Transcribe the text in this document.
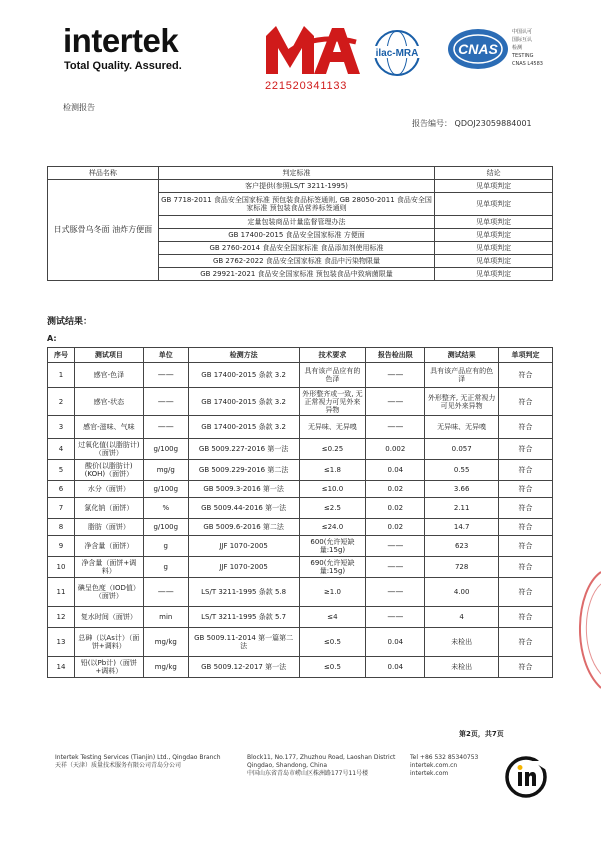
intertek
Total Quality. Assured.
221520341133
ilac-MRA	CNAS
中国认可
国际互认
检测
TESTING
CNAS L4583
检测报告
报告编号： QDOJ23059884001
样品名称	判定标准	结论
日式豚骨乌冬面 油炸方便面	客户提供(参照LS/T 3211-1995)	见单项判定
	GB 7718-2011 食品安全国家标准 预包装食品标签通则, GB 28050-2011 食品安全国家标准 预包装食品营养标签通则	见单项判定
	定量包装商品计量监督管理办法	见单项判定
	GB 17400-2015 食品安全国家标准 方便面	见单项判定
	GB 2760-2014 食品安全国家标准 食品添加剂使用标准	见单项判定
	GB 2762-2022 食品安全国家标准 食品中污染物限量	见单项判定
	GB 29921-2021 食品安全国家标准 预包装食品中致病菌限量	见单项判定
测试结果：
A:
序号	测试项目	单位	检测方法	技术要求	报告检出限	测试结果	单项判定
1	感官-色泽	——	GB 17400-2015 条款 3.2	具有该产品应有的色泽	——	具有该产品应有的色泽	符合
2	感官-状态	——	GB 17400-2015 条款 3.2	外形整齐或一致, 无正常视力可见外来异物	——	外形整齐, 无正常视力可见外来异物	符合
3	感官-滋味、气味	——	GB 17400-2015 条款 3.2	无异味、无异嗅	——	无异味、无异嗅	符合
4	过氧化值(以脂肪计)（面饼）	g/100g	GB 5009.227-2016 第一法	≤0.25	0.002	0.057	符合
5	酸价(以脂肪计)(KOH)（面饼）	mg/g	GB 5009.229-2016 第二法	≤1.8	0.04	0.55	符合
6	水分（面饼）	g/100g	GB 5009.3-2016 第一法	≤10.0	0.02	3.66	符合
7	氯化钠（面饼）	%	GB 5009.44-2016 第一法	≤2.5	0.02	2.11	符合
8	脂肪（面饼）	g/100g	GB 5009.6-2016 第二法	≤24.0	0.02	14.7	符合
9	净含量（面饼）	g	JJF 1070-2005	600(允许短缺量:15g)	——	623	符合
10	净含量（面饼+调料）	g	JJF 1070-2005	690(允许短缺量:15g)	——	728	符合
11	碘呈色度（IOD值）（面饼）	——	LS/T 3211-1995 条款 5.8	≥1.0	——	4.00	符合
12	复水时间（面饼）	min	LS/T 3211-1995 条款 5.7	≤4	——	4	符合
13	总砷（以As计）（面饼+调料）	mg/kg	GB 5009.11-2014 第一篇第二法	≤0.5	0.04	未检出	符合
14	铅(以Pb计)（面饼+调料）	mg/kg	GB 5009.12-2017 第一法	≤0.5	0.04	未检出	符合
第2页，共7页
Intertek Testing Services (Tianjin) Ltd., Qingdao Branch
天祥（天津）质量技术服务有限公司青岛分公司
Block11, No.177, Zhuzhou Road, Laoshan District Qingdao, Shandong, China
中国山东省青岛市崂山区株洲路177号11号楼
Tel +86 532 85340753
intertek.com.cn
intertek.com
